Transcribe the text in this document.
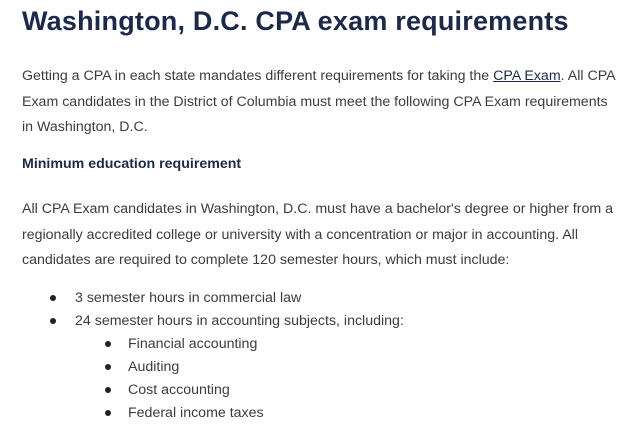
Washington, D.C. CPA exam requirements

Getting a CPA in each state mandates different requirements for taking the CPA Exam. All CPA Exam candidates in the District of Columbia must meet the following CPA Exam requirements in Washington, D.C.

Minimum education requirement

All CPA Exam candidates in Washington, D.C. must have a bachelor's degree or higher from a regionally accredited college or university with a concentration or major in accounting. All candidates are required to complete 120 semester hours, which must include:

3 semester hours in commercial law
24 semester hours in accounting subjects, including:
Financial accounting
Auditing
Cost accounting
Federal income taxes
